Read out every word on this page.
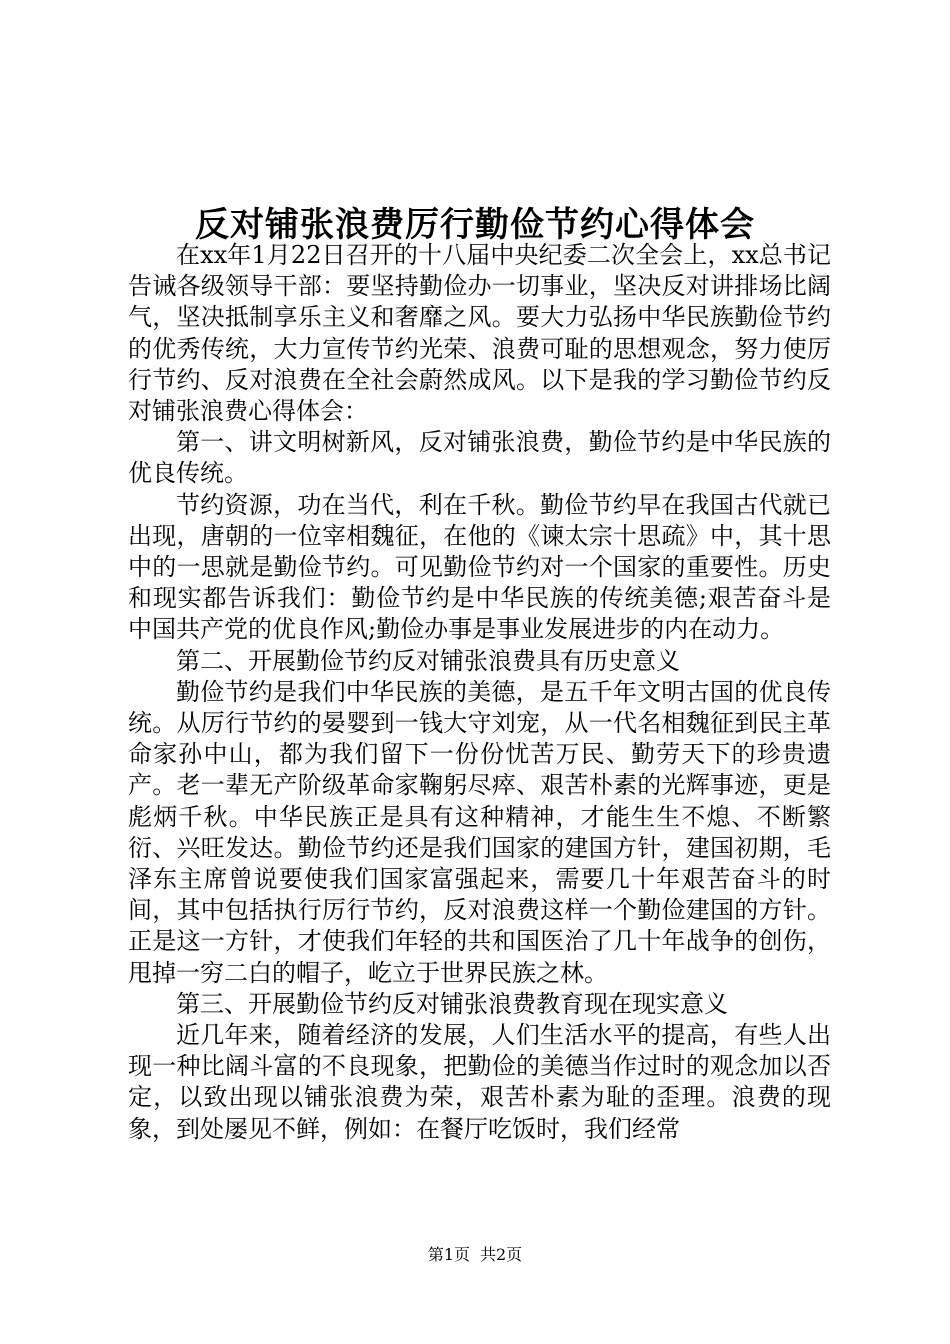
反对铺张浪费厉行勤俭节约心得体会

在xx年1月22日召开的十八届中央纪委二次全会上，xx总书记告诫各级领导干部：要坚持勤俭办一切事业，坚决反对讲排场比阔气，坚决抵制享乐主义和奢靡之风。要大力弘扬中华民族勤俭节约的优秀传统，大力宣传节约光荣、浪费可耻的思想观念，努力使厉行节约、反对浪费在全社会蔚然成风。以下是我的学习勤俭节约反对铺张浪费心得体会：

第一、讲文明树新风，反对铺张浪费，勤俭节约是中华民族的优良传统。

节约资源，功在当代，利在千秋。勤俭节约早在我国古代就已出现，唐朝的一位宰相魏征，在他的《谏太宗十思疏》中，其十思中的一思就是勤俭节约。可见勤俭节约对一个国家的重要性。历史和现实都告诉我们：勤俭节约是中华民族的传统美德;艰苦奋斗是中国共产党的优良作风;勤俭办事是事业发展进步的内在动力。

第二、开展勤俭节约反对铺张浪费具有历史意义

勤俭节约是我们中华民族的美德，是五千年文明古国的优良传统。从厉行节约的晏婴到一钱大守刘宠，从一代名相魏征到民主革命家孙中山，都为我们留下一份份忧苦万民、勤劳天下的珍贵遗产。老一辈无产阶级革命家鞠躬尽瘁、艰苦朴素的光辉事迹，更是彪炳千秋。中华民族正是具有这种精神，才能生生不熄、不断繁衍、兴旺发达。勤俭节约还是我们国家的建国方针，建国初期，毛泽东主席曾说要使我们国家富强起来，需要几十年艰苦奋斗的时间，其中包括执行厉行节约，反对浪费这样一个勤俭建国的方针。正是这一方针，才使我们年轻的共和国医治了几十年战争的创伤，甩掉一穷二白的帽子，屹立于世界民族之林。

第三、开展勤俭节约反对铺张浪费教育现在现实意义

近几年来，随着经济的发展，人们生活水平的提高，有些人出现一种比阔斗富的不良现象，把勤俭的美德当作过时的观念加以否定，以致出现以铺张浪费为荣，艰苦朴素为耻的歪理。浪费的现象，到处屡见不鲜，例如：在餐厅吃饭时，我们经常

第1页 共2页
